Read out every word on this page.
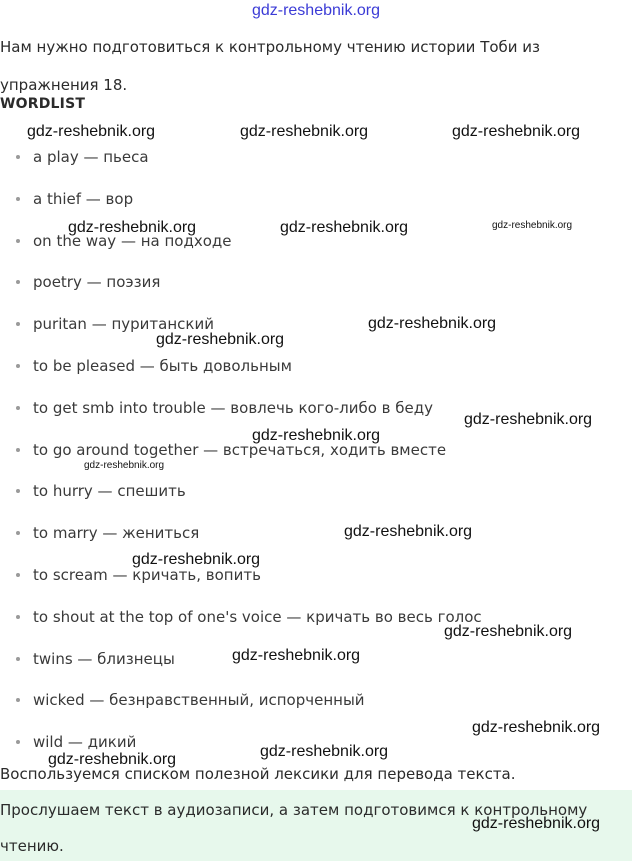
gdz-reshebnik.org

Нам нужно подготовиться к контрольному чтению истории Тоби из упражнения 18.

WORDLIST
a play — пьеса
a thief — вор
on the way — на подходе
poetry — поэзия
puritan — пуританский
to be pleased — быть довольным
to get smb into trouble — вовлечь кого-либо в беду
to go around together — встречаться, ходить вместе
to hurry — спешить
to marry — жениться
to scream — кричать, вопить
to shout at the top of one's voice — кричать во весь голос
twins — близнецы
wicked — безнравственный, испорченный
wild — дикий

Воспользуемся списком полезной лексики для перевода текста.

Прослушаем текст в аудиозаписи, а затем подготовимся к контрольному чтению.

gdz-reshebnik.org	gdz-reshebnik.org	gdz-reshebnik.org
gdz-reshebnik.org	gdz-reshebnik.org	gdz-reshebnik.org
gdz-reshebnik.org
gdz-reshebnik.org
gdz-reshebnik.org
gdz-reshebnik.org
gdz-reshebnik.org
gdz-reshebnik.org
gdz-reshebnik.org
gdz-reshebnik.org
gdz-reshebnik.org
gdz-reshebnik.org
gdz-reshebnik.org
gdz-reshebnik.org
gdz-reshebnik.org
